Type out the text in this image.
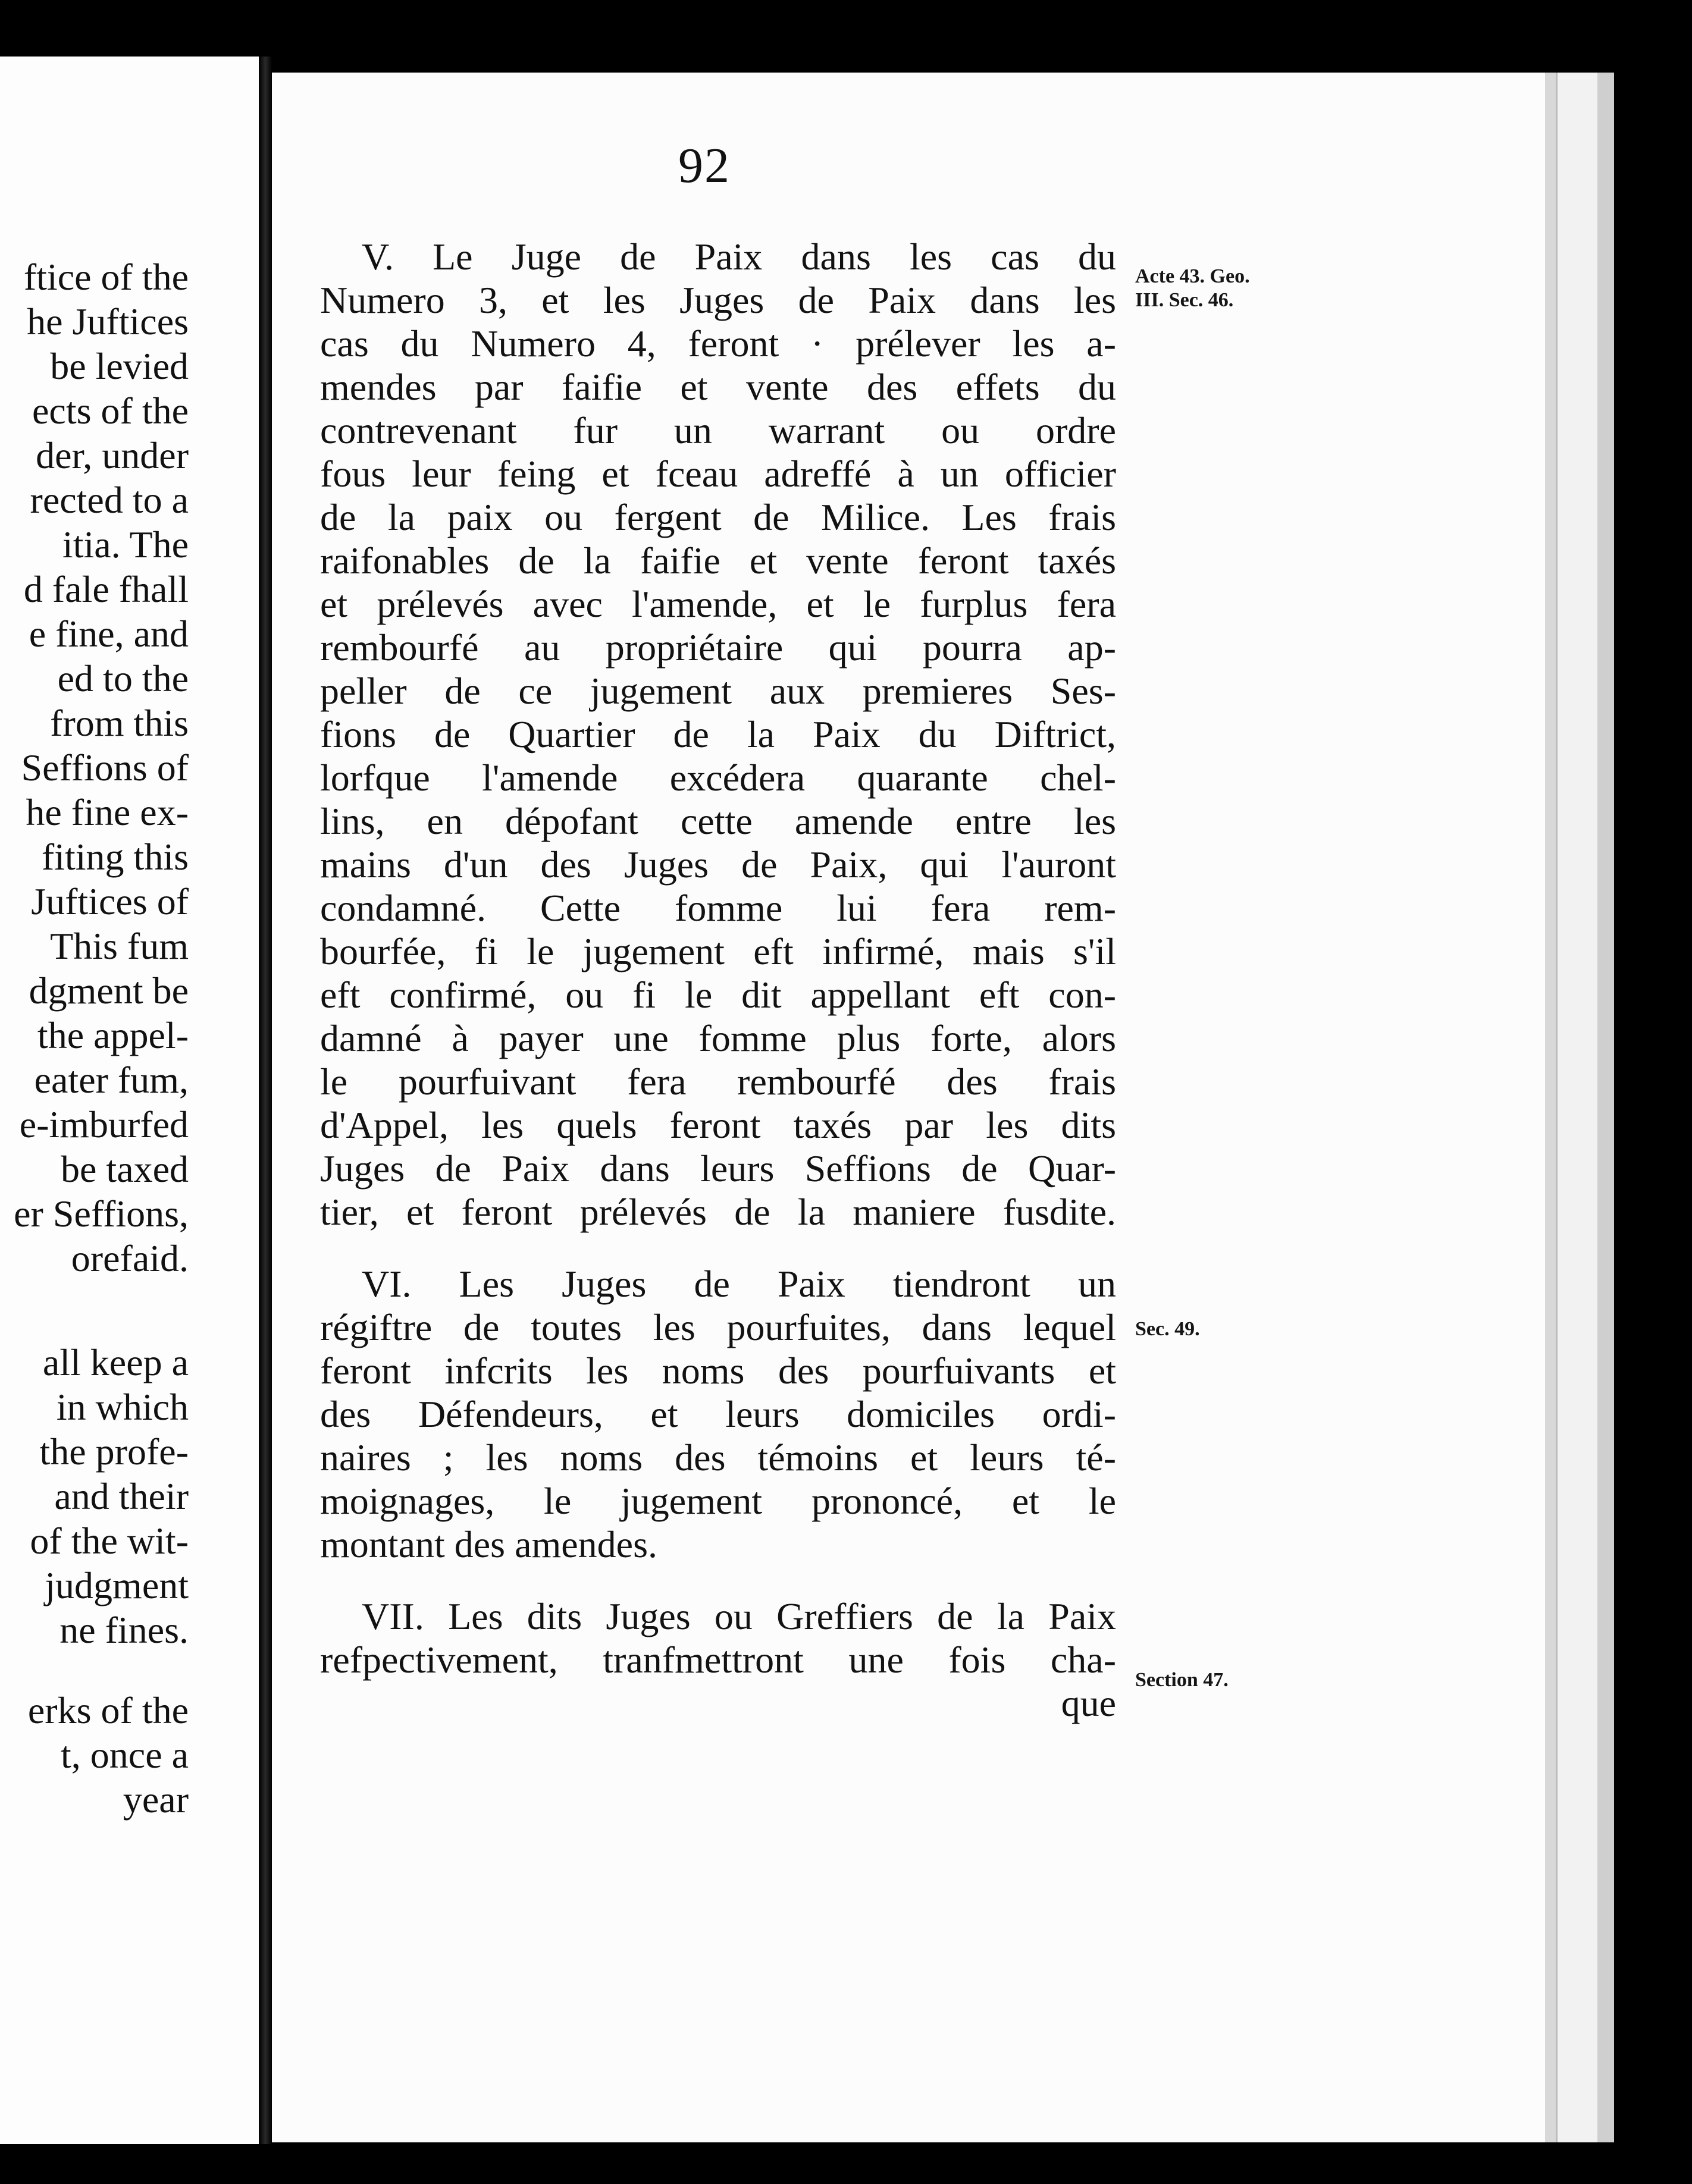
ftice of the
he Juftices
be levied
ects of the
der, under
rected to a
itia. The
d fale fhall
e fine, and
ed to the
from this
Seffions of
he fine ex-
fiting this
Juftices of
This fum
dgment be
the appel-
eater fum,
e-imburfed
be taxed
er Seffions,
orefaid.
all keep a
in which
the profe-
and their
of the wit-
judgment
ne fines.
erks of the
t, once a
year
92
V. Le Juge de Paix dans les cas du
Numero 3, et les Juges de Paix dans les
cas du Numero 4, feront · prélever les a-
mendes par faifie et vente des effets du
contrevenant fur un warrant ou ordre
fous leur feing et fceau adreffé à un officier
de la paix ou fergent de Milice. Les frais
raifonables de la faifie et vente feront taxés
et prélevés avec l'amende, et le furplus fera
rembourfé au propriétaire qui pourra ap-
peller de ce jugement aux premieres Ses-
fions de Quartier de la Paix du Diftrict,
lorfque l'amende excédera quarante chel-
lins, en dépofant cette amende entre les
mains d'un des Juges de Paix, qui l'auront
condamné. Cette fomme lui fera rem-
bourfée, fi le jugement eft infirmé, mais s'il
eft confirmé, ou fi le dit appellant eft con-
damné à payer une fomme plus forte, alors
le pourfuivant fera rembourfé des frais
d'Appel, les quels feront taxés par les dits
Juges de Paix dans leurs Seffions de Quar-
tier, et feront prélevés de la maniere fusdite.
VI. Les Juges de Paix tiendront un
régiftre de toutes les pourfuites, dans lequel
feront infcrits les noms des pourfuivants et
des Défendeurs, et leurs domiciles ordi-
naires ; les noms des témoins et leurs té-
moignages, le jugement prononcé, et le
montant des amendes.
VII. Les dits Juges ou Greffiers de la Paix
refpectivement, tranfmettront une fois cha-
que
Acte 43. Geo.
III. Sec. 46.
Sec. 49.
Section 47.
